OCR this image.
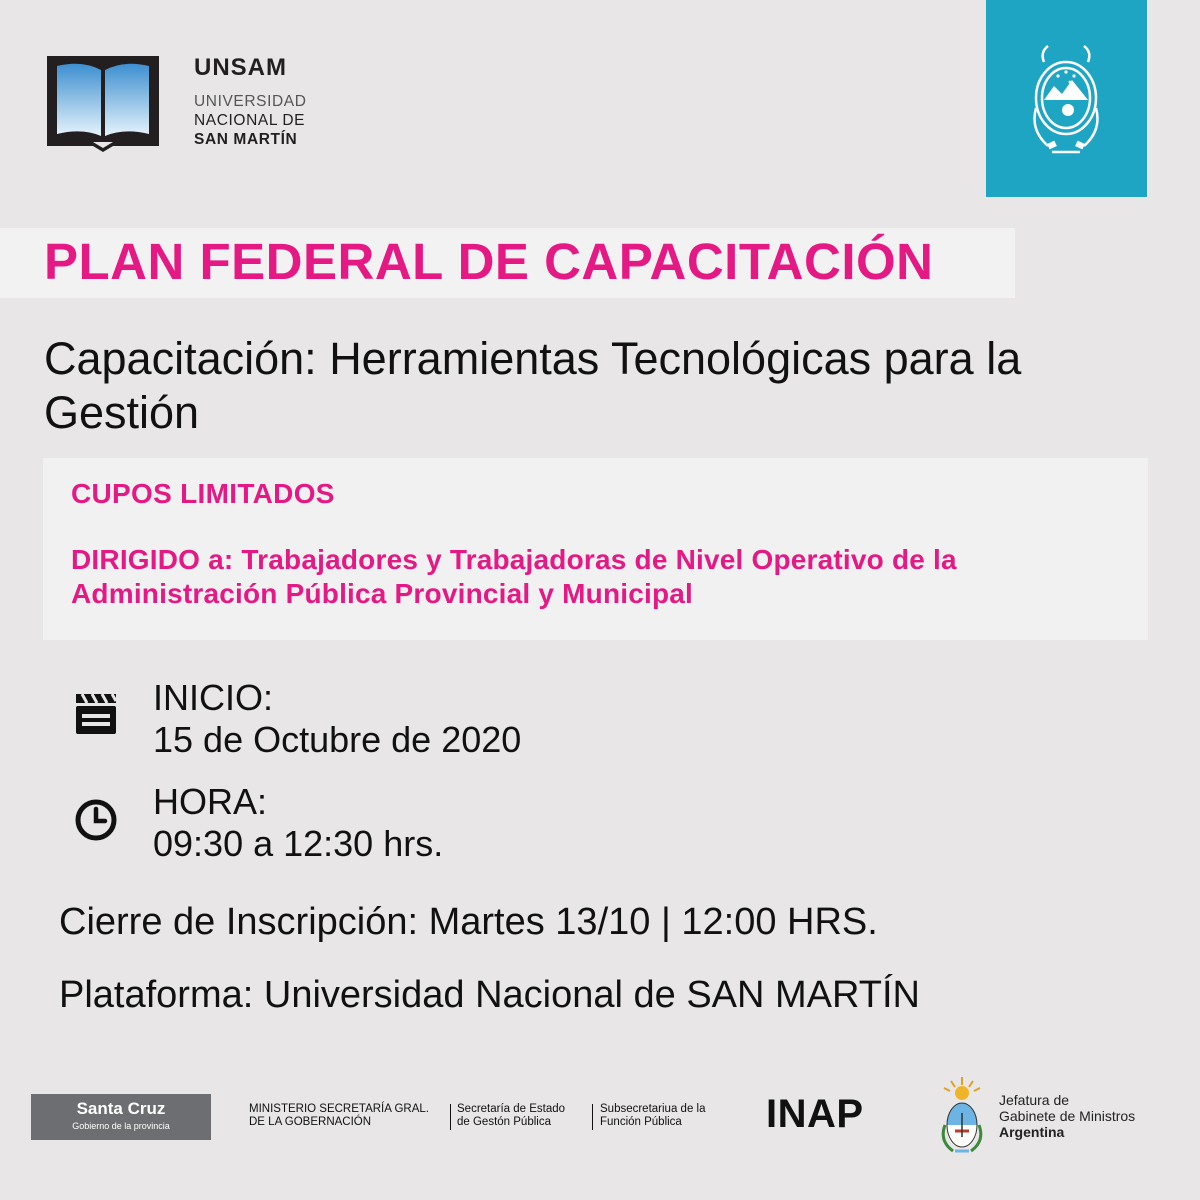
UNSAM
UNIVERSIDAD
NACIONAL DE
SAN MARTÍN
PLAN FEDERAL DE CAPACITACIÓN
Capacitación: Herramientas Tecnológicas para la Gestión
CUPOS LIMITADOS
DIRIGIDO a: Trabajadores y Trabajadoras de Nivel Operativo de la Administración Pública Provincial y Municipal
INICIO:
15 de Octubre de 2020
HORA:
09:30 a 12:30 hrs.
Cierre de Inscripción: Martes 13/10 | 12:00 HRS.
Plataforma: Universidad Nacional de SAN MARTÍN
Santa Cruz
Gobierno de la provincia
MINISTERIO SECRETARÍA GRAL.
DE LA GOBERNACIÓN
Secretaría de Estado
de Gestón Pública
Subsecretariua de la
Función Pública	INAP	Jefatura de
Gabinete de Ministros
Argentina
